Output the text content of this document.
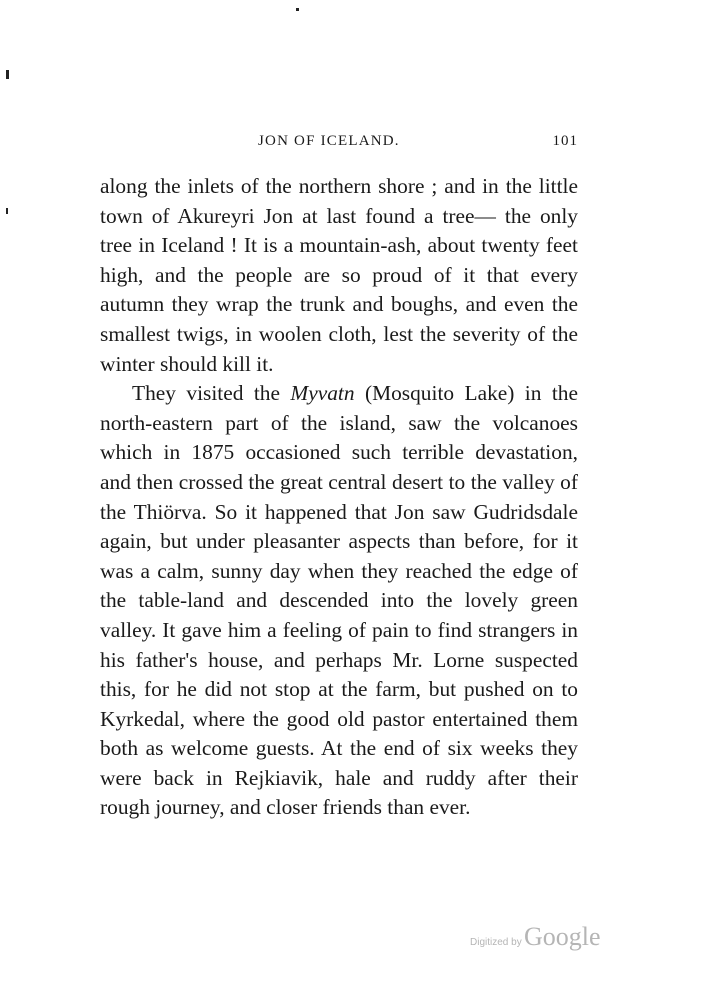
JON OF ICELAND.	101

along the inlets of the northern shore ; and in the little town of Akureyri Jon at last found a tree— the only tree in Iceland ! It is a mountain-ash, about twenty feet high, and the people are so proud of it that every autumn they wrap the trunk and boughs, and even the smallest twigs, in woolen cloth, lest the severity of the winter should kill it.

They visited the Myvatn (Mosquito Lake) in the north-eastern part of the island, saw the volcanoes which in 1875 occasioned such terrible devastation, and then crossed the great central desert to the valley of the Thiörva. So it happened that Jon saw Gudridsdale again, but under pleasanter aspects than before, for it was a calm, sunny day when they reached the edge of the table-land and descended into the lovely green valley. It gave him a feeling of pain to find strangers in his father's house, and perhaps Mr. Lorne suspected this, for he did not stop at the farm, but pushed on to Kyrkedal, where the good old pastor entertained them both as welcome guests. At the end of six weeks they were back in Rejkiavik, hale and ruddy after their rough journey, and closer friends than ever.

Digitized by Google
